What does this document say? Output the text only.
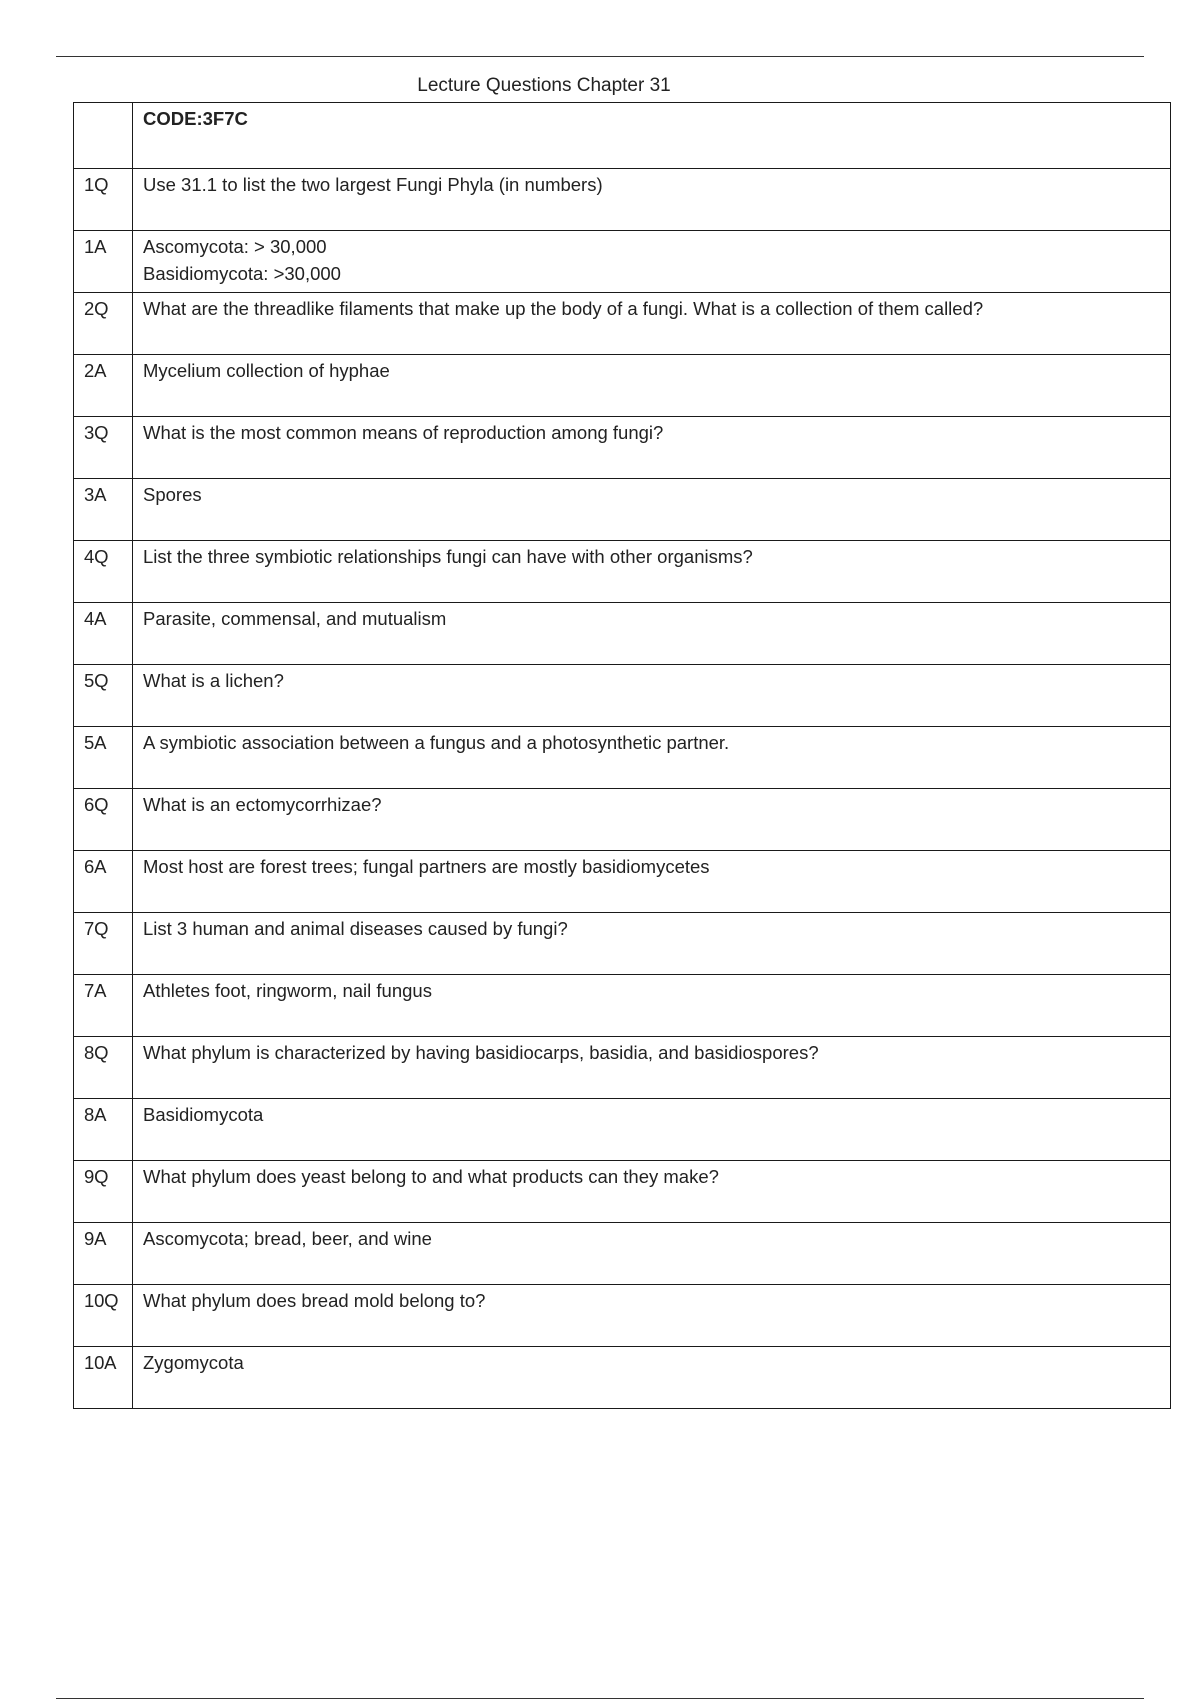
Lecture Questions Chapter 31
	CODE:3F7C
1Q	Use 31.1 to list the two largest Fungi Phyla (in numbers)

1A	Ascomycota: > 30,000
Basidiomycota: >30,000

2Q	What are the threadlike filaments that make up the body of a fungi. What is a collection of them called?

2A	Mycelium collection of hyphae

3Q	What is the most common means of reproduction among fungi?

3A	Spores

4Q	List the three symbiotic relationships fungi can have with other organisms?

4A	Parasite, commensal, and mutualism

5Q	What is a lichen?

5A	A symbiotic association between a fungus and a photosynthetic partner.

6Q	What is an ectomycorrhizae?

6A	Most host are forest trees; fungal partners are mostly basidiomycetes

7Q	List 3 human and animal diseases caused by fungi?

7A	Athletes foot, ringworm, nail fungus

8Q	What phylum is characterized by having basidiocarps, basidia, and basidiospores?

8A	Basidiomycota

9Q	What phylum does yeast belong to and what products can they make?

9A	Ascomycota; bread, beer, and wine

10Q	What phylum does bread mold belong to?

10A	Zygomycota
